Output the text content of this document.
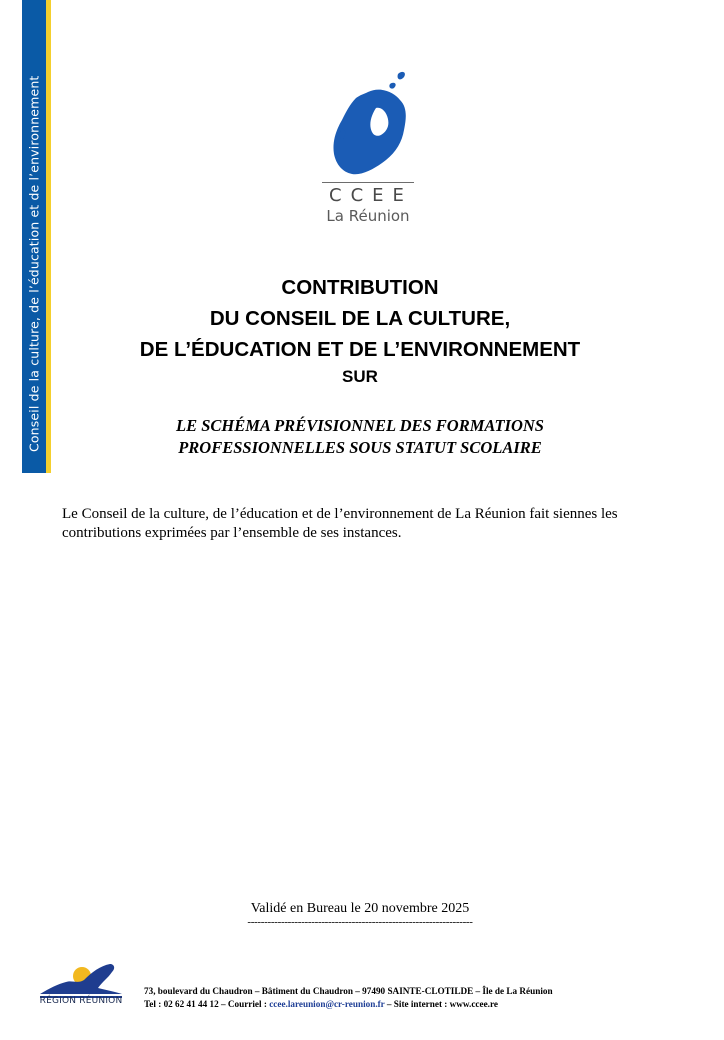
Conseil de la culture, de l’éducation et de l’environnement	CCEE
La Réunion
CONTRIBUTION
DU CONSEIL DE LA CULTURE,
DE L’ÉDUCATION ET DE L’ENVIRONNEMENT
SUR
LE SCHÉMA PRÉVISIONNEL DES FORMATIONS
PROFESSIONNELLES SOUS STATUT SCOLAIRE
Le Conseil de la culture, de l’éducation et de l’environnement de La Réunion fait siennes les
contributions exprimées par l’ensemble de ses instances.
Validé en Bureau le 20 novembre 2025
-------------------------------------------------------------------
RÉGION RÉUNION
73, boulevard du Chaudron – Bâtiment du Chaudron – 97490 SAINTE-CLOTILDE – Île de La Réunion
Tel : 02 62 41 44 12 – Courriel : ccee.lareunion@cr-reunion.fr – Site internet : www.ccee.re
